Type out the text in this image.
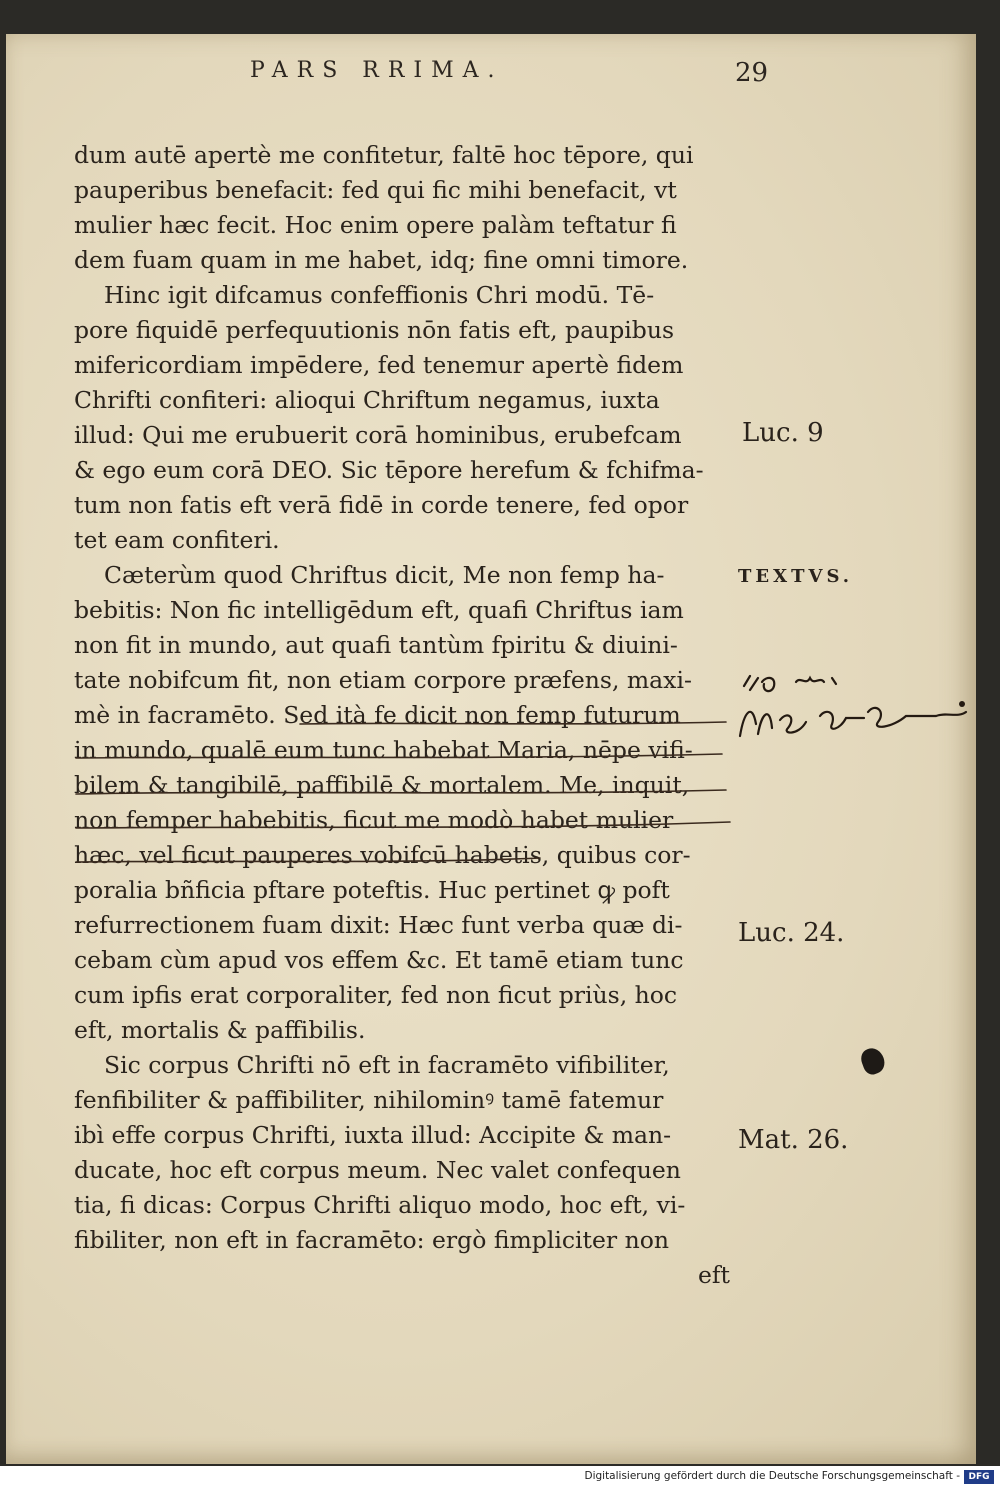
PARS RRIMA.	29
dum autē apertè me confitetur, faltē hoc tēpore, qui
pauperibus benefacit: fed qui fic mihi benefacit, vt
mulier hæc fecit. Hoc enim opere palàm teftatur fi
dem fuam quam in me habet, idq; fine omni timore.
Hinc igit difcamus confeffionis Chri modū. Tē-
pore fiquidē perfequutionis nōn fatis eft, paupibus
mifericordiam impēdere, fed tenemur apertè fidem
Chrifti confiteri: alioqui Chriftum negamus, iuxta
illud: Qui me erubuerit corā hominibus, erubefcam
& ego eum corā DEO. Sic tēpore herefum & fchifma-
tum non fatis eft verā fidē in corde tenere, fed opor
tet eam confiteri.
Cæterùm quod Chriftus dicit, Me non femp ha-
bebitis: Non fic intelligēdum eft, quafi Chriftus iam
non fit in mundo, aut quafi tantùm fpiritu & diuini-
tate nobifcum fit, non etiam corpore præfens, maxi-
mè in facramēto. Sed ità fe dicit non femp futurum
in mundo, qualē eum tunc habebat Maria, nēpe vifi-
bilem & tangibilē, paffibilē & mortalem. Me, inquit,
non femper habebitis, ficut me modò habet mulier
hæc, vel ficut pauperes vobifcū habetis, quibus cor-
poralia bñficia pftare poteftis. Huc pertinet ꝙ poft
refurrectionem fuam dixit: Hæc funt verba quæ di-
cebam cùm apud vos effem &c. Et tamē etiam tunc
cum ipfis erat corporaliter, fed non ficut priùs, hoc
eft, mortalis & paffibilis.
Sic corpus Chrifti nō eft in facramēto vifibiliter,
fenfibiliter & paffibiliter, nihilominꝰ tamē fatemur
ibì effe corpus Chrifti, iuxta illud: Accipite & man-
ducate, hoc eft corpus meum. Nec valet confequen
tia, fi dicas: Corpus Chrifti aliquo modo, hoc eft, vi-
fibiliter, non eft in facramēto: ergò fimpliciter non
eft
Luc. 9
TEXTVS.
Luc. 24.
Mat. 26.
Digitalisierung gefördert durch die Deutsche Forschungsgemeinschaft - DFG
